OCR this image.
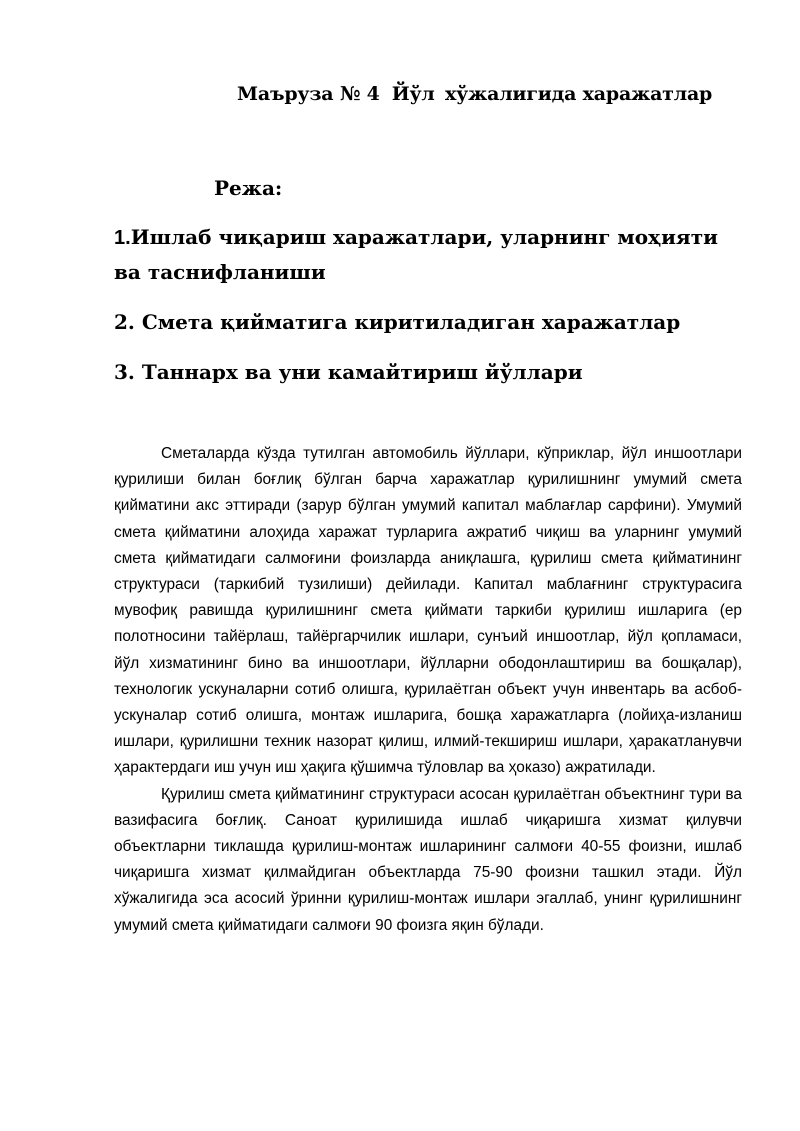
Маъруза № 4 Йўл хўжалигида харажатлар
Режа:
1.Ишлаб чиқариш харажатлари, уларнинг моҳияти ва таснифланиши
2. Смета қийматига киритиладиган харажатлар
3. Таннарх ва уни камайтириш йўллари

Сметаларда кўзда тутилган автомобиль йўллари, кўприклар, йўл иншоотлари қурилиши билан боғлиқ бўлган барча харажатлар қурилишнинг умумий смета қийматини акс эттиради (зарур бўлган умумий капитал маблағлар сарфини). Умумий смета қийматини алоҳида харажат турларига ажратиб чиқиш ва уларнинг умумий смета қийматидаги салмоғини фоизларда аниқлашга, қурилиш смета қийматининг структураси (таркибий тузилиши) дейилади. Капитал маблағнинг структурасига мувофиқ равишда қурилишнинг смета қиймати таркиби қурилиш ишларига (ер полотносини тайёрлаш, тайёргарчилик ишлари, сунъий иншоотлар, йўл қопламаси, йўл хизматининг бино ва иншоотлари, йўлларни ободонлаштириш ва бошқалар), технологик ускуналарни сотиб олишга, қурилаётган объект учун инвентарь ва асбоб-ускуналар сотиб олишга, монтаж ишларига, бошқа харажатларга (лойиҳа-изланиш ишлари, қурилишни техник назорат қилиш, илмий-текшириш ишлари, ҳаракатланувчи ҳарактердаги иш учун иш ҳақига қўшимча тўловлар ва ҳоказо) ажратилади.

Қурилиш смета қийматининг структураси асосан қурилаётган объектнинг тури ва вазифасига боғлиқ. Саноат қурилишида ишлаб чиқаришга хизмат қилувчи объектларни тиклашда қурилиш-монтаж ишларининг салмоғи 40-55 фоизни, ишлаб чиқаришга хизмат қилмайдиган объектларда 75-90 фоизни ташкил этади. Йўл хўжалигида эса асосий ўринни қурилиш-монтаж ишлари эгаллаб, унинг қурилишнинг умумий смета қийматидаги салмоғи 90 фоизга яқин бўлади.
